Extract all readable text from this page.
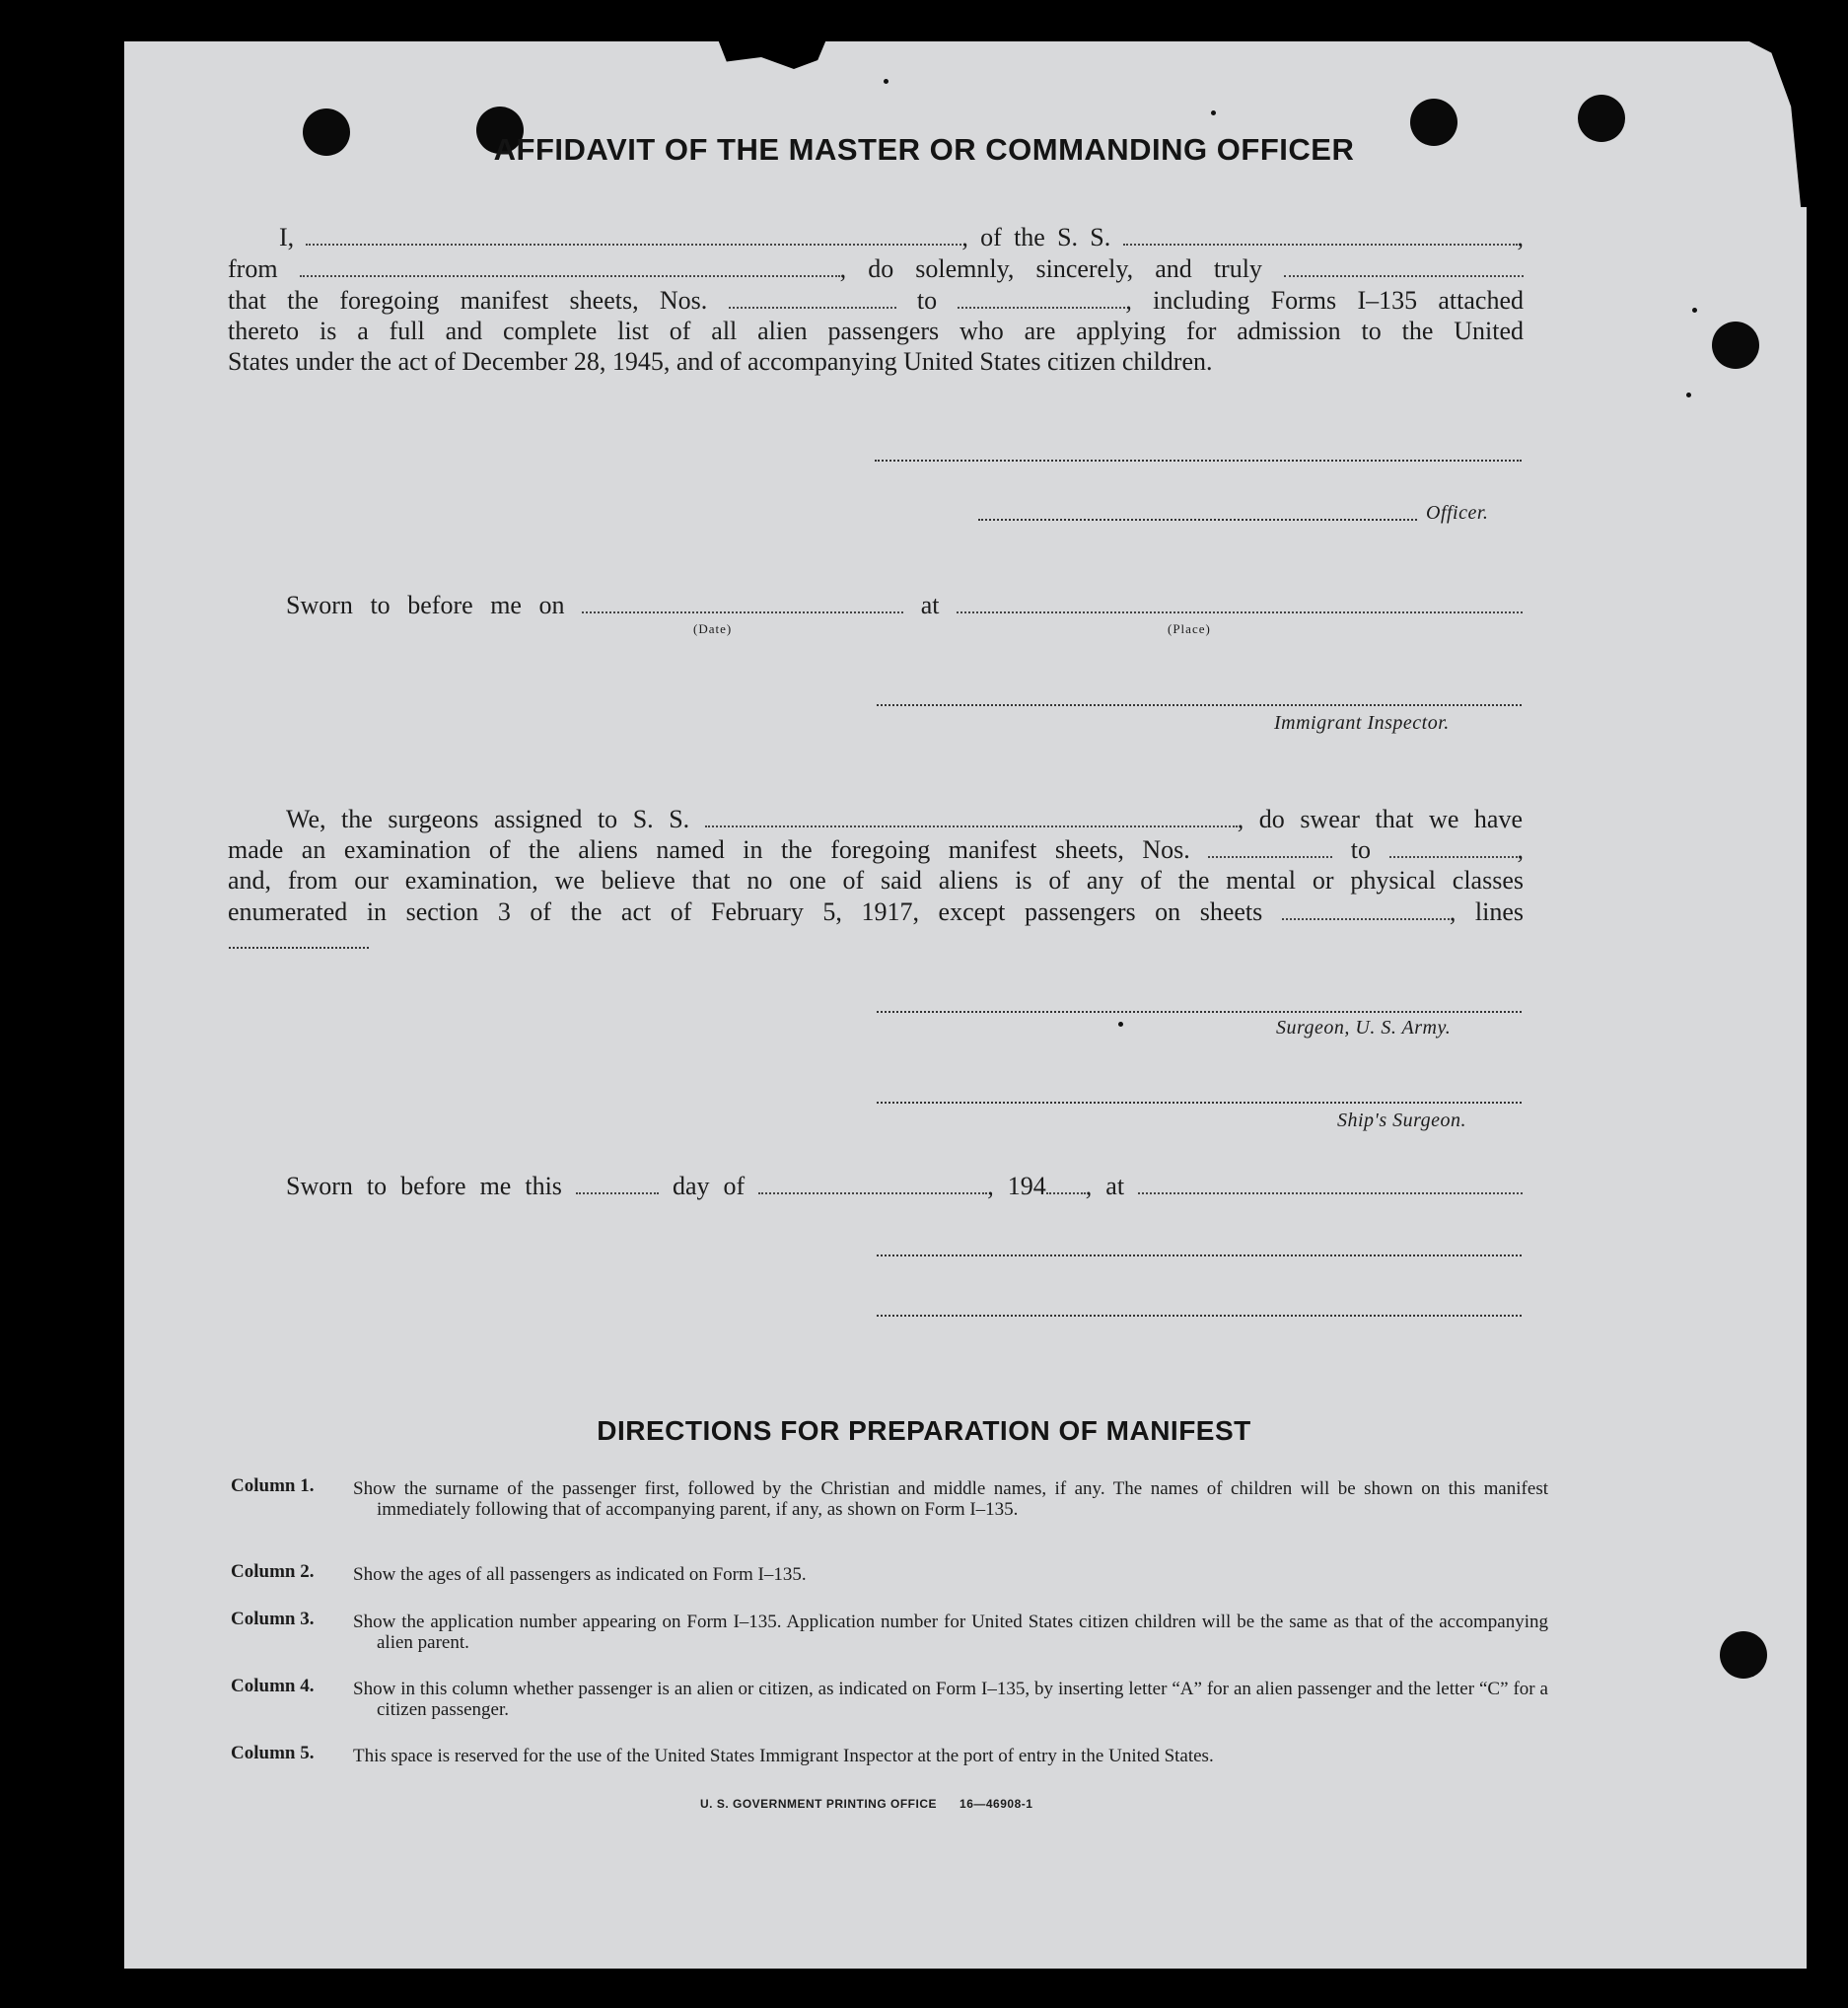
AFFIDAVIT OF THE MASTER OR COMMANDING OFFICER
I,	, of the S. S.	,
from	, do solemnly, sincerely, and truly
that the foregoing manifest sheets, Nos.	to	, including Forms I–135 attached
thereto is a full and complete list of all alien passengers who are applying for admission to the United
States under the act of December 28, 1945, and of accompanying United States citizen children.
Officer.
Sworn to before me on	at
(Date)	(Place)
Immigrant Inspector.
We, the surgeons assigned to S. S.	, do swear that we have
made an examination of the aliens named in the foregoing manifest sheets, Nos.	to	,
and, from our examination, we believe that no one of said aliens is of any of the mental or physical classes
enumerated in section 3 of the act of February 5, 1917, except passengers on sheets	, lines
Surgeon, U. S. Army.
Ship's Surgeon.
Sworn to before me this	day of	, 194 , at
DIRECTIONS FOR PREPARATION OF MANIFEST
Column 1. Show the surname of the passenger first, followed by the Christian and middle names, if any. The names of children will be shown on this manifest immediately following that of accompanying parent, if any, as shown on Form I–135.
Column 2. Show the ages of all passengers as indicated on Form I–135.
Column 3. Show the application number appearing on Form I–135. Application number for United States citizen children will be the same as that of the accompanying alien parent.
Column 4. Show in this column whether passenger is an alien or citizen, as indicated on Form I–135, by inserting letter “A” for an alien passenger and the letter “C” for a citizen passenger.
Column 5. This space is reserved for the use of the United States Immigrant Inspector at the port of entry in the United States.
U. S. GOVERNMENT PRINTING OFFICE 16—46908-1
